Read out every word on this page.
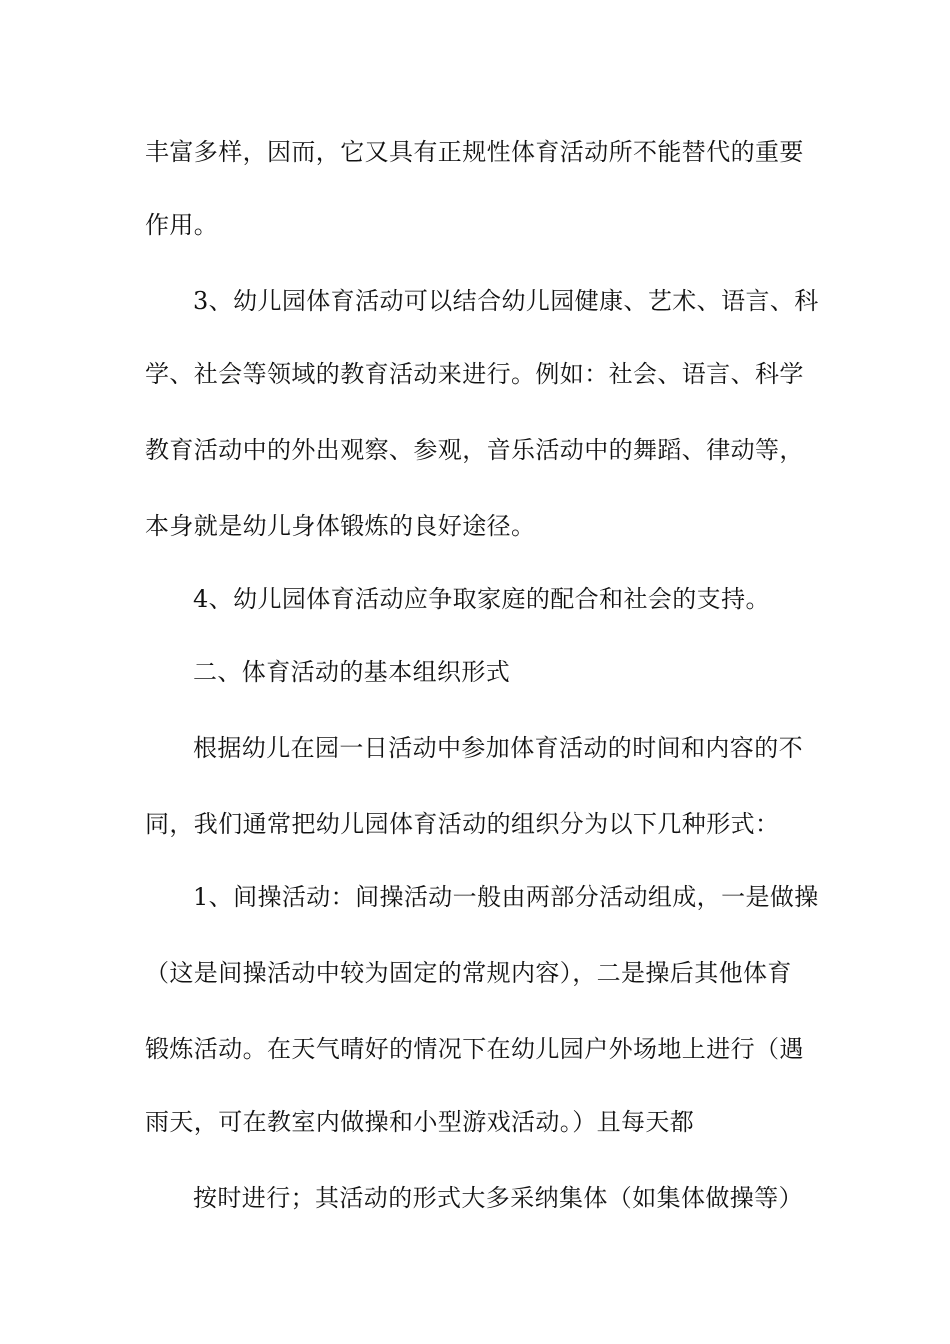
丰富多样，因而，它又具有正规性体育活动所不能替代的重要
作用。
3、幼儿园体育活动可以结合幼儿园健康、艺术、语言、科
学、社会等领域的教育活动来进行。例如：社会、语言、科学
教育活动中的外出观察、参观，音乐活动中的舞蹈、律动等，
本身就是幼儿身体锻炼的良好途径。
4、幼儿园体育活动应争取家庭的配合和社会的支持。
二、体育活动的基本组织形式
根据幼儿在园一日活动中参加体育活动的时间和内容的不
同，我们通常把幼儿园体育活动的组织分为以下几种形式：
1、间操活动：间操活动一般由两部分活动组成，一是做操
（这是间操活动中较为固定的常规内容），二是操后其他体育
锻炼活动。在天气晴好的情况下在幼儿园户外场地上进行（遇
雨天，可在教室内做操和小型游戏活动。）且每天都
按时进行；其活动的形式大多采纳集体（如集体做操等）
